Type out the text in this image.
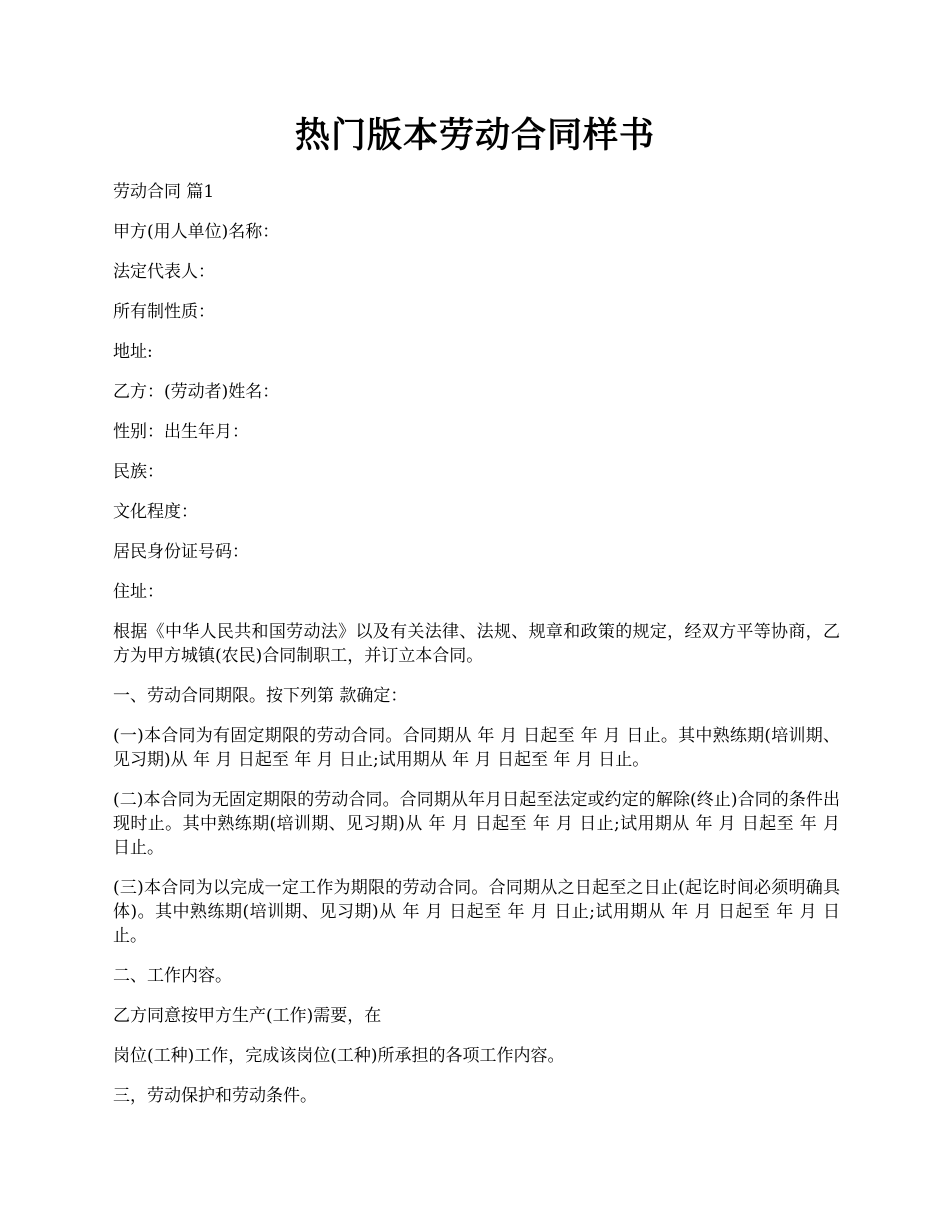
热门版本劳动合同样书

劳动合同 篇1

甲方(用人单位)名称：

法定代表人：

所有制性质：

地址:

乙方：(劳动者)姓名：

性别：出生年月：

民族：

文化程度：

居民身份证号码：

住址：

根据《中华人民共和国劳动法》以及有关法律、法规、规章和政策的规定，经双方平等协商，乙方为甲方城镇(农民)合同制职工，并订立本合同。

一、劳动合同期限。按下列第 款确定：

(一)本合同为有固定期限的劳动合同。合同期从 年 月 日起至 年 月 日止。其中熟练期(培训期、见习期)从 年 月 日起至 年 月 日止;试用期从 年 月 日起至 年 月 日止。

(二)本合同为无固定期限的劳动合同。合同期从年月日起至法定或约定的解除(终止)合同的条件出现时止。其中熟练期(培训期、见习期)从 年 月 日起至 年 月 日止;试用期从 年 月 日起至 年 月 日止。

(三)本合同为以完成一定工作为期限的劳动合同。合同期从之日起至之日止(起讫时间必须明确具体)。其中熟练期(培训期、见习期)从 年 月 日起至 年 月 日止;试用期从 年 月 日起至 年 月 日止。

二、工作内容。

乙方同意按甲方生产(工作)需要，在

岗位(工种)工作，完成该岗位(工种)所承担的各项工作内容。

三，劳动保护和劳动条件。
